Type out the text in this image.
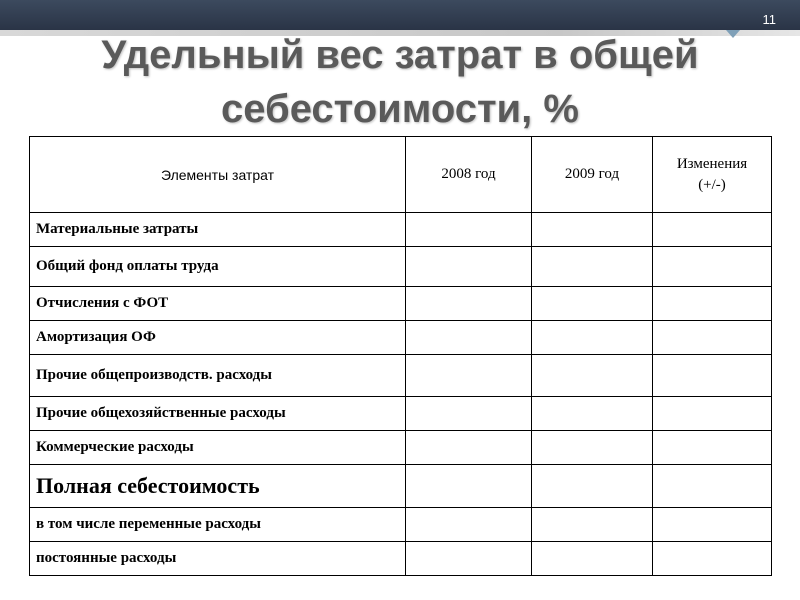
11
Удельный вес затрат в общей
себестоимости, %
Элементы затрат	2008 год	2009 год	Изменения
(+/-)

Материальные затраты			
Общий фонд оплаты труда			
Отчисления с ФОТ			
Амортизация ОФ			
Прочие общепроизводств. расходы			
Прочие общехозяйственные расходы			
Коммерческие расходы			
Полная себестоимость			
в том числе переменные расходы			
постоянные расходы			
